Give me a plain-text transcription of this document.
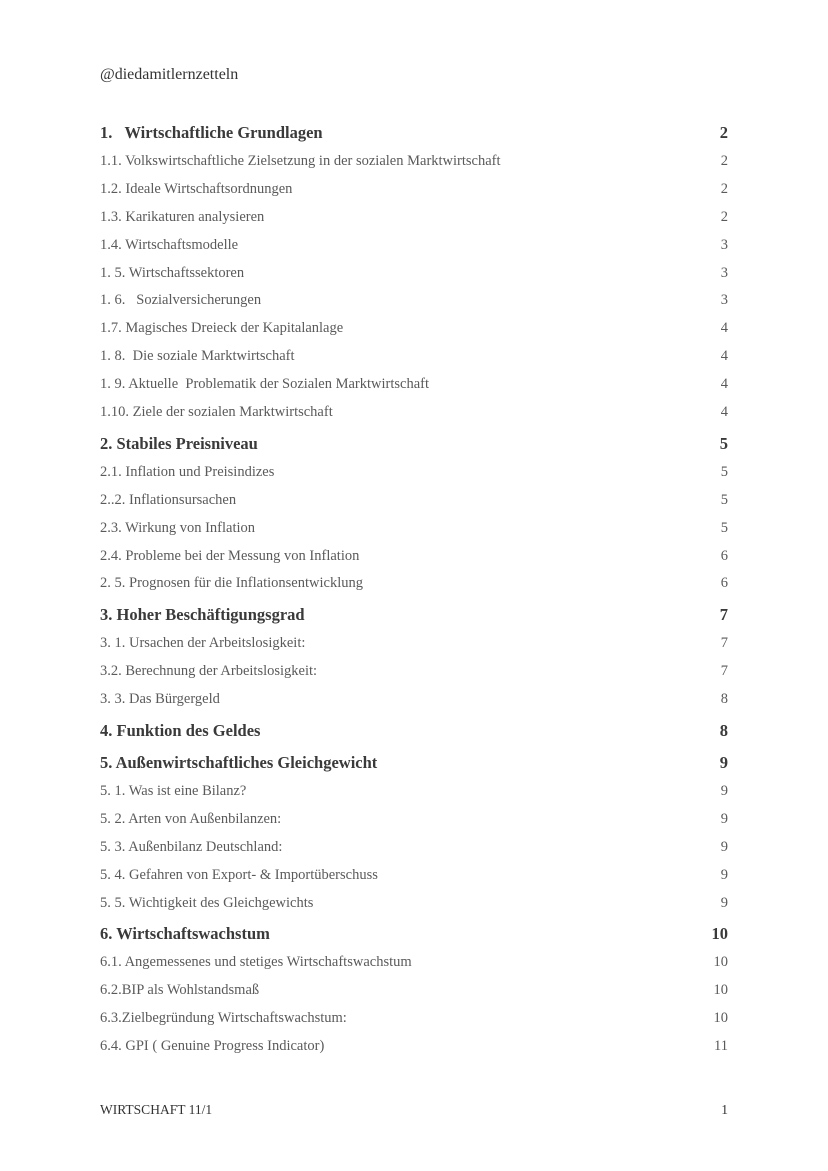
@diedamitlernzetteln
1.   Wirtschaftliche Grundlagen	2
1.1. Volkswirtschaftliche Zielsetzung in der sozialen Marktwirtschaft	2
1.2. Ideale Wirtschaftsordnungen	2
1.3. Karikaturen analysieren	2
1.4. Wirtschaftsmodelle	3
1. 5. Wirtschaftssektoren	3
1. 6.   Sozialversicherungen	3
1.7. Magisches Dreieck der Kapitalanlage	4
1. 8.  Die soziale Marktwirtschaft	4
1. 9. Aktuelle  Problematik der Sozialen Marktwirtschaft	4
1.10. Ziele der sozialen Marktwirtschaft	4
2. Stabiles Preisniveau	5
2.1. Inflation und Preisindizes	5
2..2. Inflationsursachen	5
2.3. Wirkung von Inflation	5
2.4. Probleme bei der Messung von Inflation	6
2. 5. Prognosen für die Inflationsentwicklung	6
3. Hoher Beschäftigungsgrad	7
3. 1. Ursachen der Arbeitslosigkeit:	7
3.2. Berechnung der Arbeitslosigkeit:	7
3. 3. Das Bürgergeld	8
4. Funktion des Geldes	8
5. Außenwirtschaftliches Gleichgewicht	9
5. 1. Was ist eine Bilanz?	9
5. 2. Arten von Außenbilanzen:	9
5. 3. Außenbilanz Deutschland:	9
5. 4. Gefahren von Export- & Importüberschuss	9
5. 5. Wichtigkeit des Gleichgewichts	9
6. Wirtschaftswachstum	10
6.1. Angemessenes und stetiges Wirtschaftswachstum	10
6.2.BIP als Wohlstandsmaß	10
6.3.Zielbegründung Wirtschaftswachstum:	10
6.4. GPI ( Genuine Progress Indicator)	11
WIRTSCHAFT 11/1	1
